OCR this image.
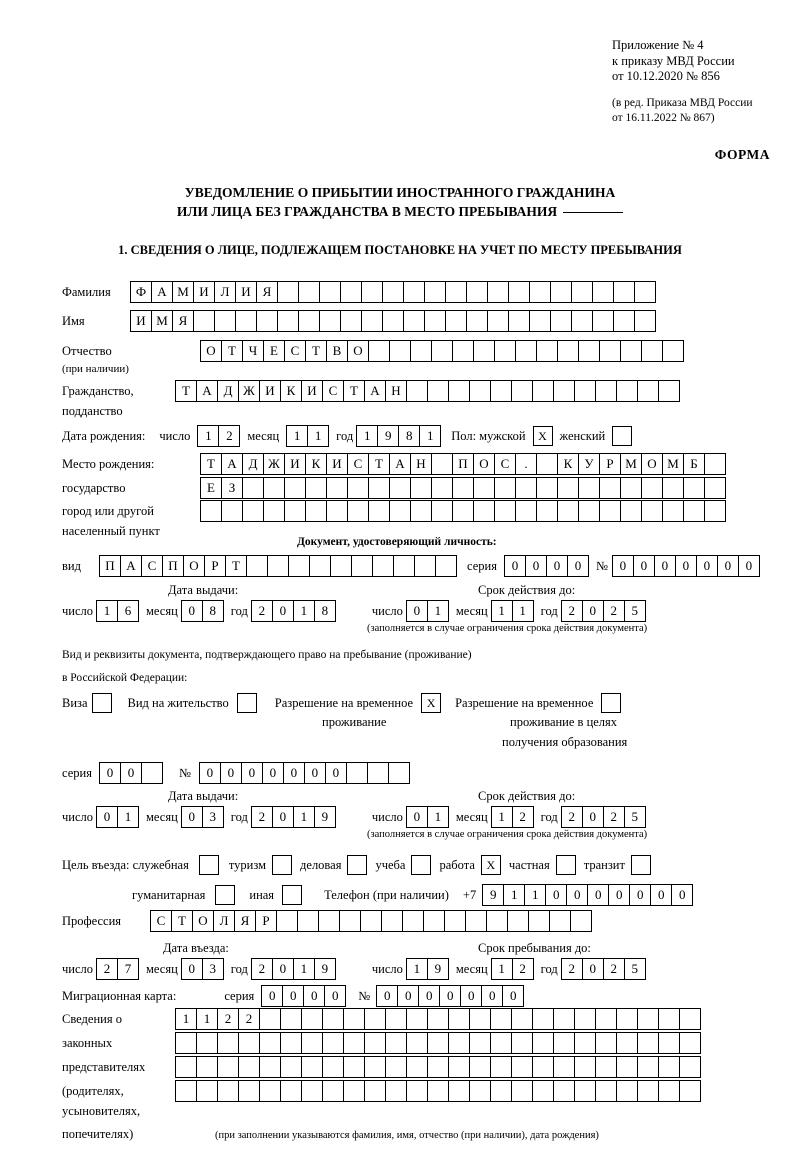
Приложение № 4
к приказу МВД России
от 10.12.2020 № 856
(в ред. Приказа МВД России
от 16.11.2022 № 867)
ФОРМА
УВЕДОМЛЕНИЕ О ПРИБЫТИИ ИНОСТРАННОГО ГРАЖДАНИНА
ИЛИ ЛИЦА БЕЗ ГРАЖДАНСТВА В МЕСТО ПРЕБЫВАНИЯ
1. СВЕДЕНИЯ О ЛИЦЕ, ПОДЛЕЖАЩЕМ ПОСТАНОВКЕ НА УЧЕТ ПО МЕСТУ ПРЕБЫВАНИЯ
Фамилия	Ф А М И Л И Я
Имя	И М Я
Отчество	О Т Ч Е С Т В О
(при наличии)
Гражданство,	Т А Д Ж И К И С Т А Н
подданство
Дата рождения: число	1	2	месяц	1	1	год 1	9	8	1	Пол: мужской	X	женский
Место рождения:	Т А Д Ж И К И С Т А Н	П О С	.	К У Р М О М Б
государство	Е	З
город или другой
населенный пункт
Документ, удостоверяющий личность:
вид	П А С П О Р	Т	серия	0	0	0	0	№ 0	0	0	0	0	0	0
Дата выдачи:	Срок действия до:
число 1	6	месяц 0	8	год 2	0	1	8	число 0	1	месяц 1	1	год 2	0	2	5
(заполняется в случае ограничения срока действия документа)
Вид и реквизиты документа, подтверждающего право на пребывание (проживание)
в Российской Федерации:
Виза	Вид на жительство	Разрешение на временное	X	Разрешение на временное
проживание	проживание в целях
получения образования
серия	0	0	№	0	0	0	0	0	0	0
Дата выдачи:	Срок действия до:
число 0	1	месяц 0	3	год 2	0	1	9	число 0	1	месяц 1	2	год 2	0	2	5
(заполняется в случае ограничения срока действия документа)
Цель въезда: служебная	туризм	деловая	учеба	работа X	частная	транзит
гуманитарная	иная	Телефон (при наличии) +7	9	1	1	0	0	0	0	0	0	0
Профессия	С Т О Л Я	Р
Дата въезда:	Срок пребывания до:
число 2	7	месяц 0	3	год 2	0	1	9	число 1	9	месяц 1	2	год 2	0	2	5
Миграционная карта:	серия	0	0	0	0	№	0	0	0	0	0	0	0
Сведения о	1	1	2	2
законных
представителях
(родителях,
усыновителях,
попечителях)	(при заполнении указываются фамилия, имя, отчество (при наличии), дата рождения)
